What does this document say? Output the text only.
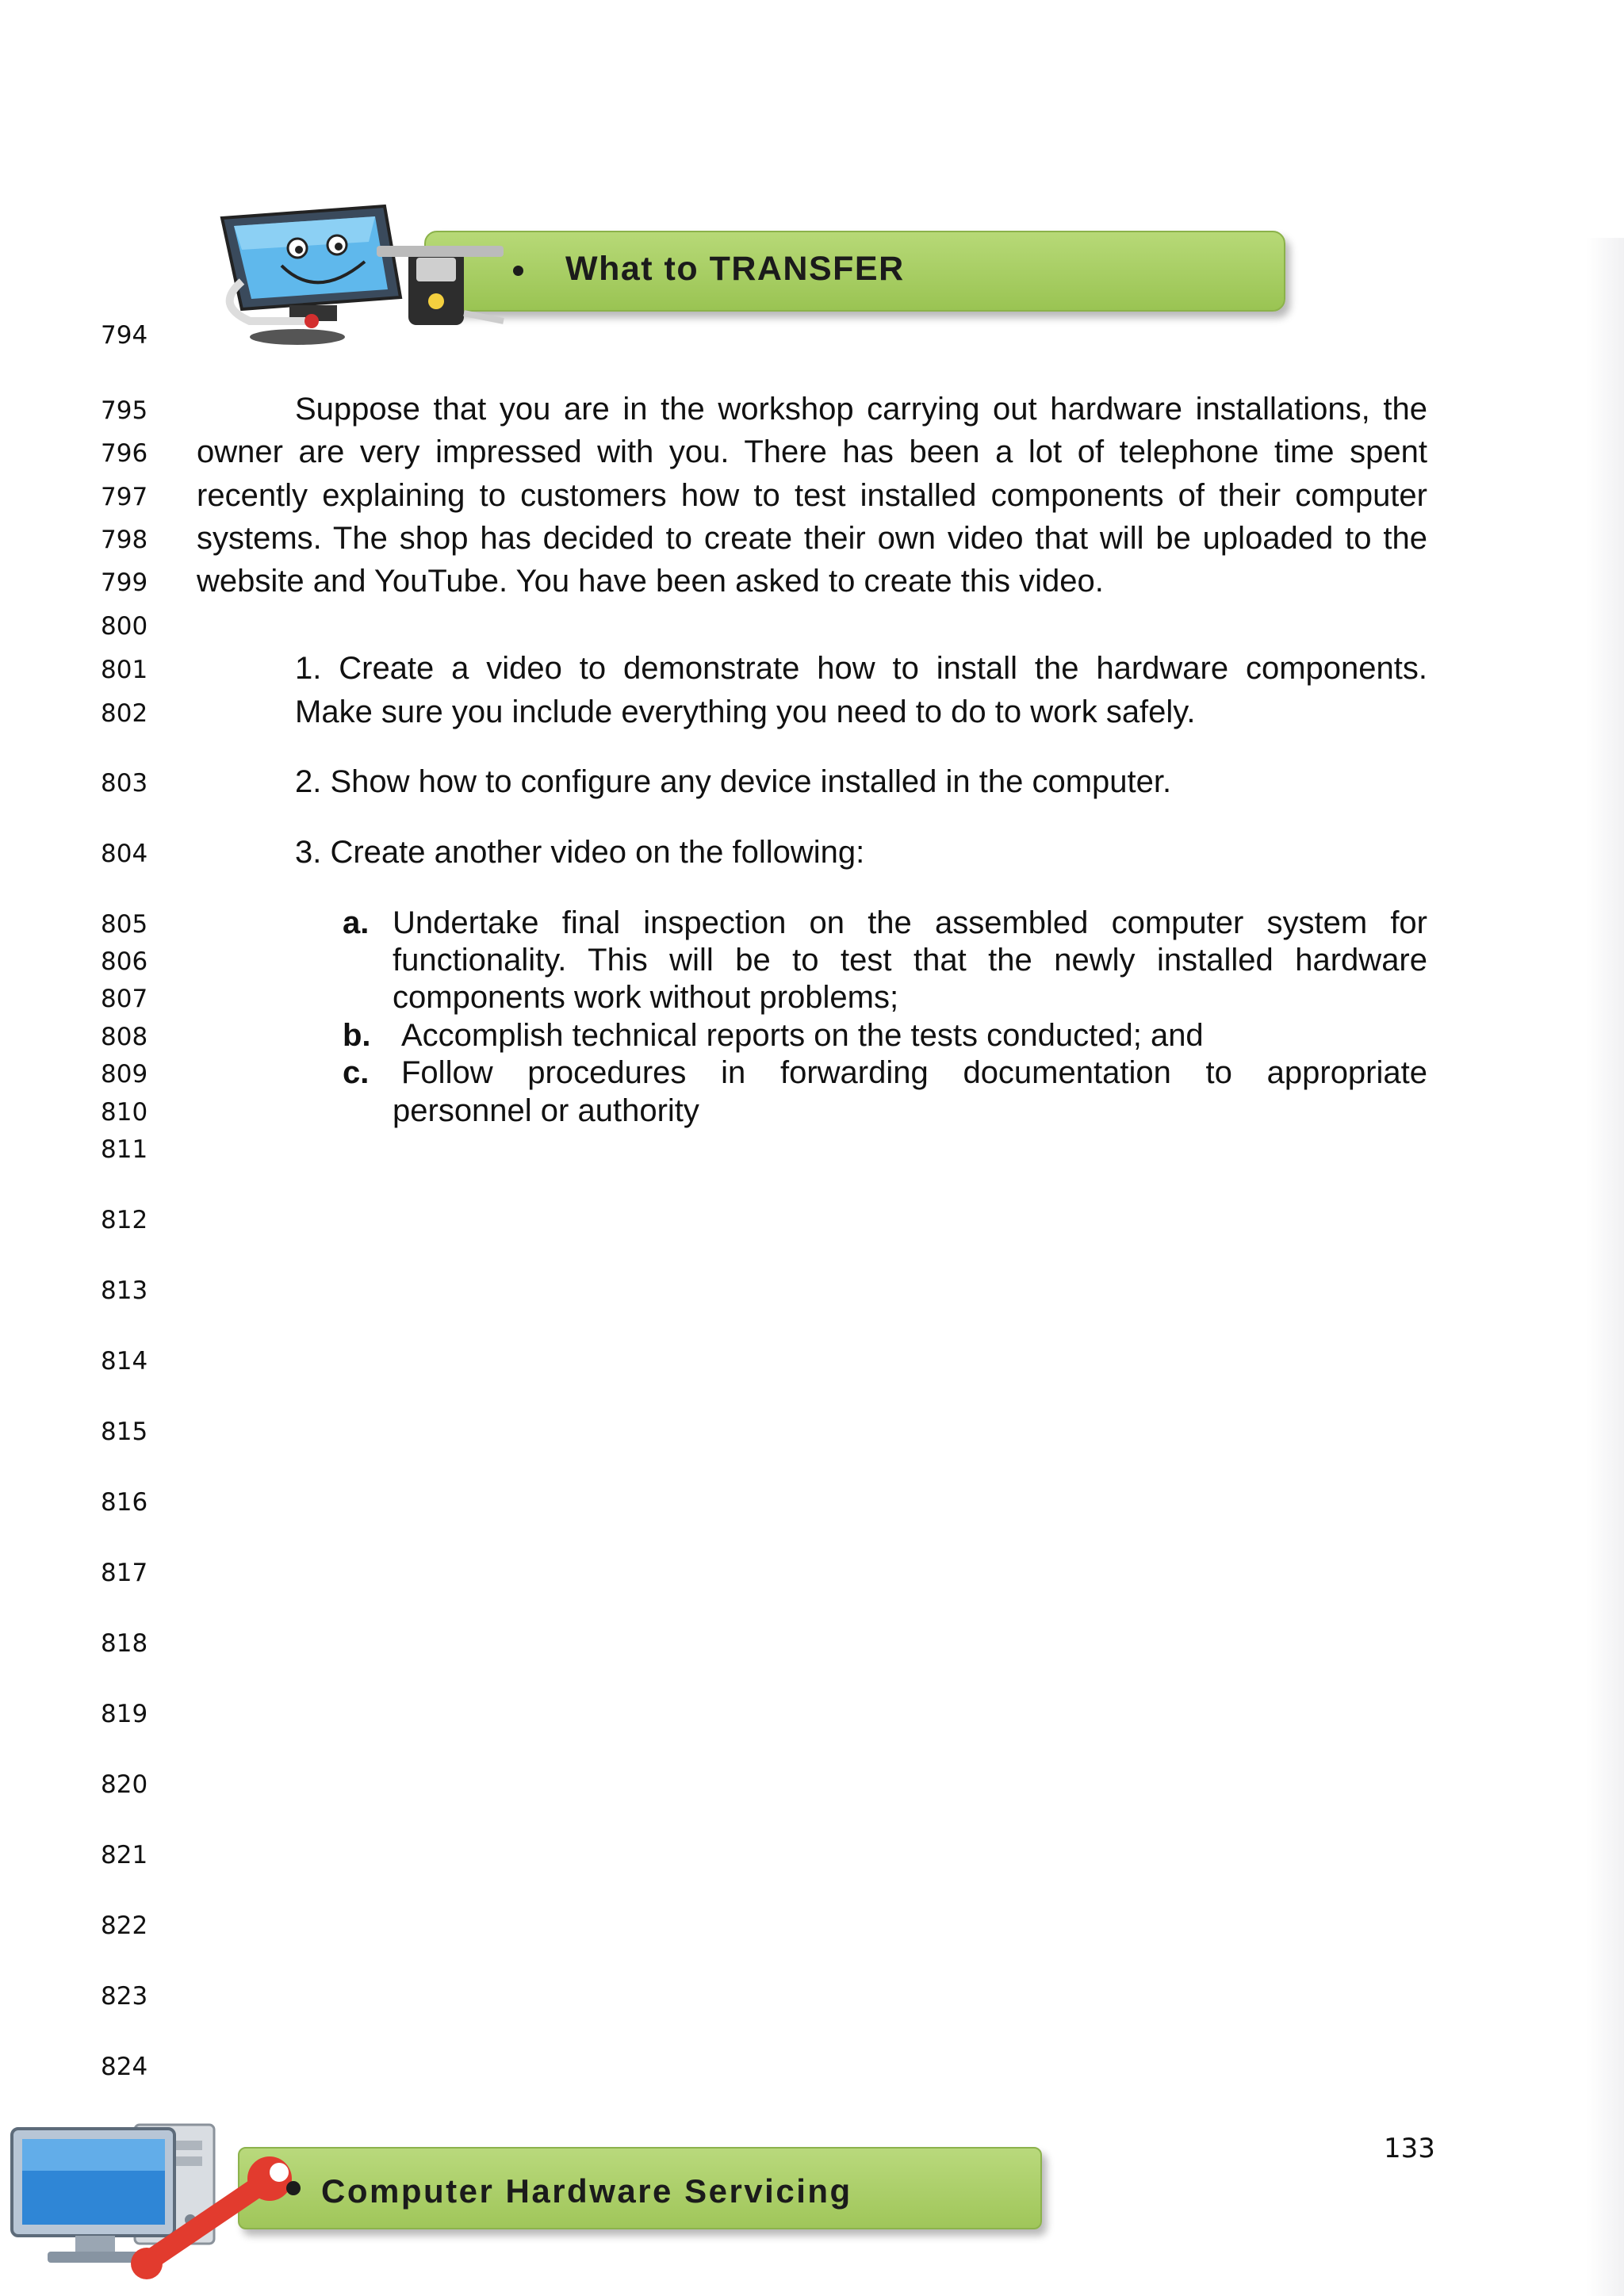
What to TRANSFER
794
795
796
797
798
799
800
801
802
803
804
805
806
807
808
809
810
811
812
813
814
815
816
817
818
819
820
821
822
823
824
Suppose that you are in the workshop carrying out hardware installations, the
owner are very impressed with you. There has been a lot of telephone time spent
recently explaining to customers how to test installed components of their computer
systems. The shop has decided to create their own video that will be uploaded to the
website and YouTube. You have been asked to create this video.
1. Create a video to demonstrate how to install the hardware components.
Make sure you include everything you need to do to work safely.
2. Show how to configure any device installed in the computer.
3. Create another video on the following:
a. Undertake final inspection on the assembled computer system for
functionality. This will be to test that the newly installed hardware
components work without problems;
b. Accomplish technical reports on the tests conducted; and
c. Follow procedures in forwarding documentation to appropriate
personnel or authority
133
Computer Hardware Servicing
